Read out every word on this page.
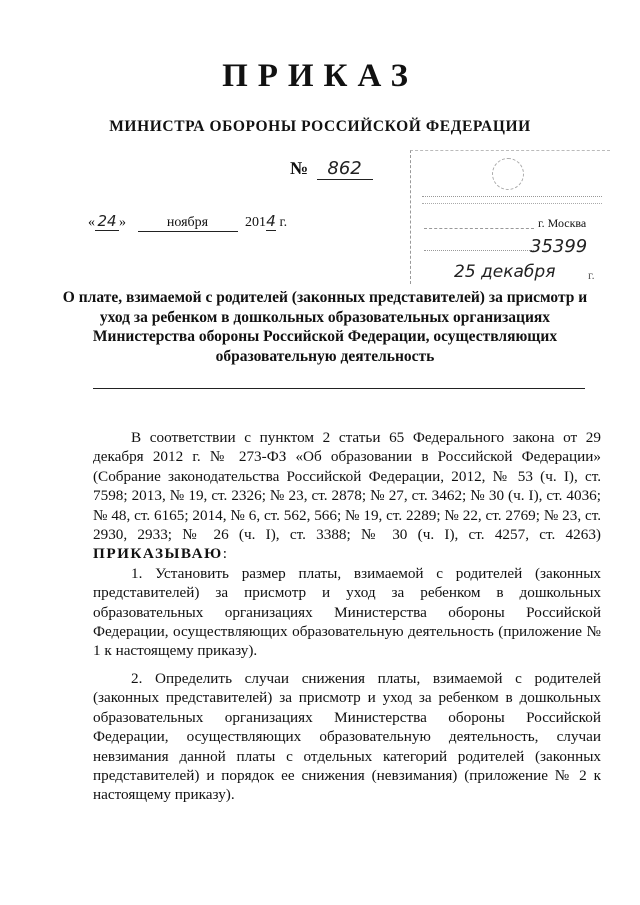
ПРИКАЗ
МИНИСТРА ОБОРОНЫ РОССИЙСКОЙ ФЕДЕРАЦИИ
№ 862
« 24 »	ноября	2014 г.	г. Москва
35399
25 декабря	г.
О плате, взимаемой с родителей (законных представителей) за присмотр и уход за ребенком в дошкольных образовательных организациях Министерства обороны Российской Федерации, осуществляющих образовательную деятельность

В соответствии с пунктом 2 статьи 65 Федерального закона от 29 декабря 2012 г. № 273-ФЗ «Об образовании в Российской Федерации» (Собрание законодательства Российской Федерации, 2012, № 53 (ч. I), ст. 7598; 2013, № 19, ст. 2326; № 23, ст. 2878; № 27, ст. 3462; № 30 (ч. I), ст. 4036; № 48, ст. 6165; 2014, № 6, ст. 562, 566; № 19, ст. 2289; № 22, ст. 2769; № 23, ст. 2930, 2933; № 26 (ч. I), ст. 3388; № 30 (ч. I), ст. 4257, ст. 4263) ПРИКАЗЫВАЮ:

1. Установить размер платы, взимаемой с родителей (законных представителей) за присмотр и уход за ребенком в дошкольных образовательных организациях Министерства обороны Российской Федерации, осуществляющих образовательную деятельность (приложение № 1 к настоящему приказу).

2. Определить случаи снижения платы, взимаемой с родителей (законных представителей) за присмотр и уход за ребенком в дошкольных образовательных организациях Министерства обороны Российской Федерации, осуществляющих образовательную деятельность, случаи невзимания данной платы с отдельных категорий родителей (законных представителей) и порядок ее снижения (невзимания) (приложение № 2 к настоящему приказу).
